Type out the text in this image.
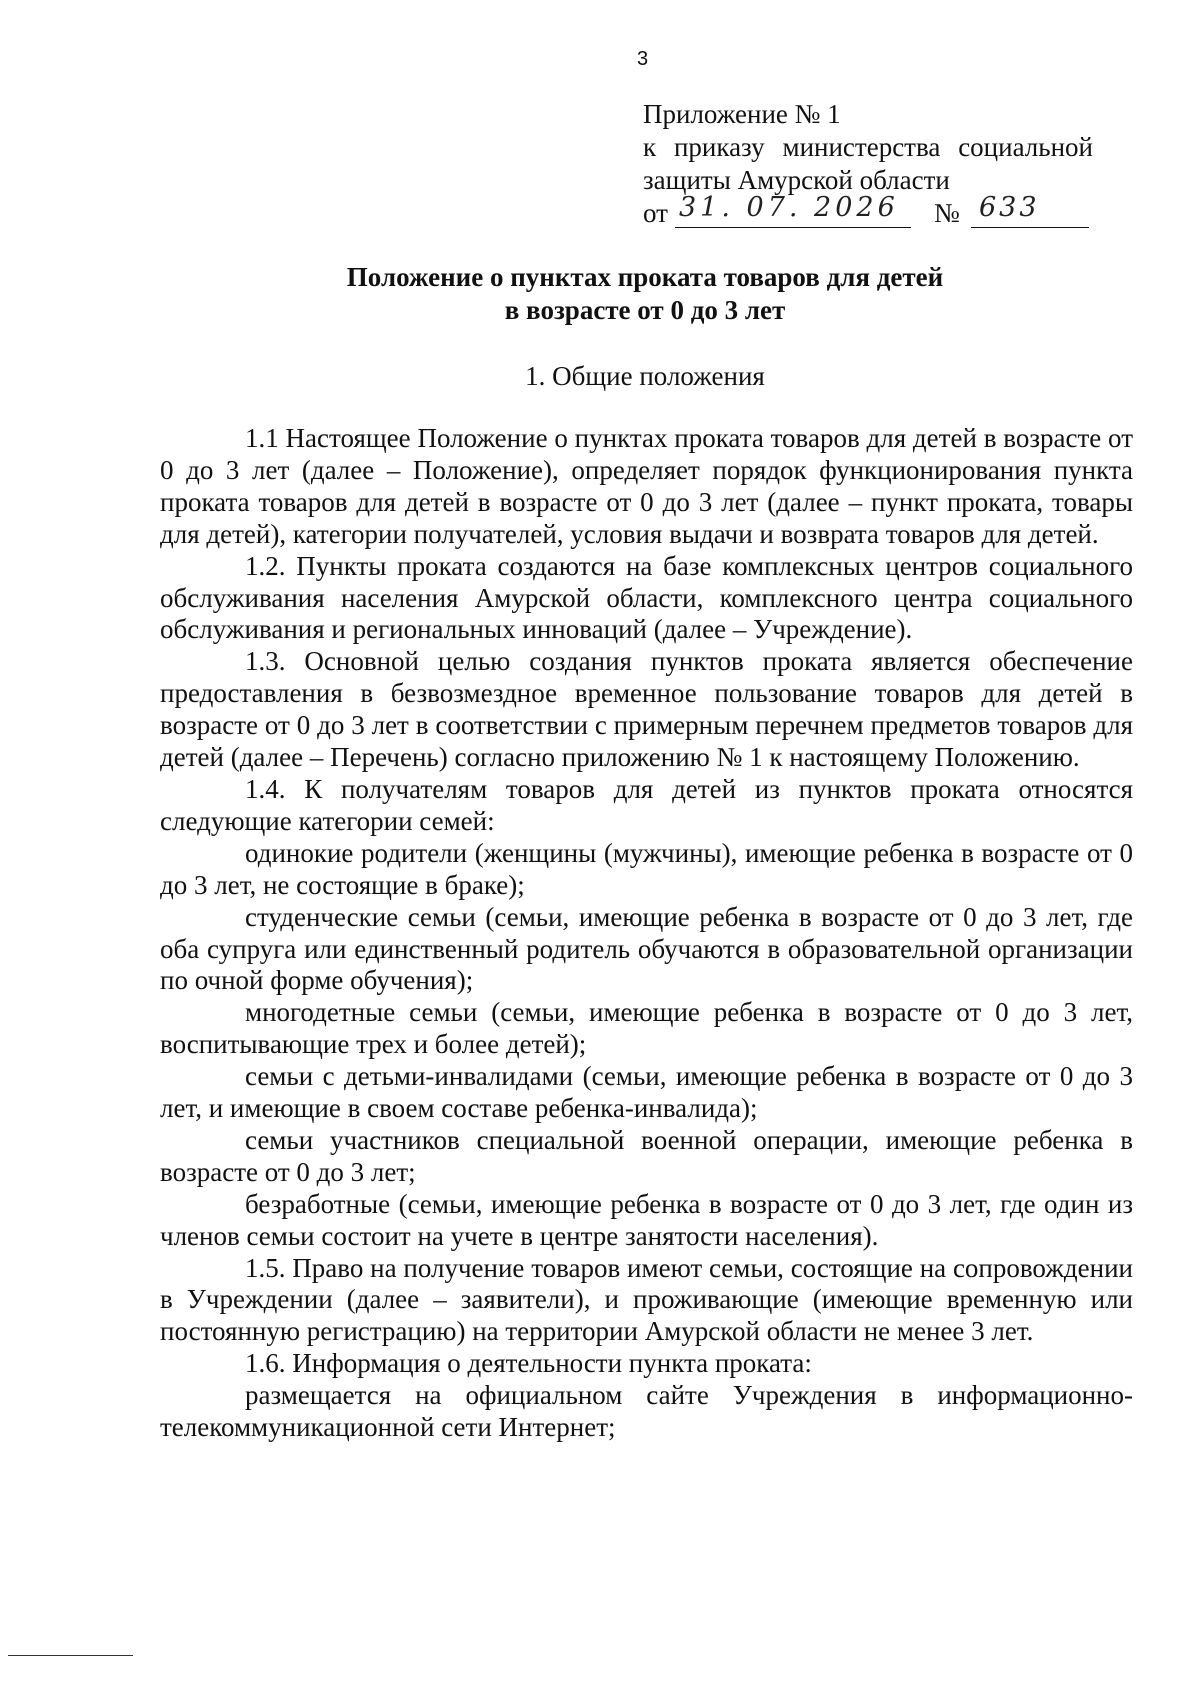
3
Приложение № 1
к приказу министерства социальной
защиты Амурской области
от 31. 07. 2026 № 633
Положение о пунктах проката товаров для детей
в возрасте от 0 до 3 лет
1. Общие положения

1.1 Настоящее Положение о пунктах проката товаров для детей в возрасте от 0 до 3 лет (далее – Положение), определяет порядок функционирования пункта проката товаров для детей в возрасте от 0 до 3 лет (далее – пункт проката, товары для детей), категории получателей, условия выдачи и возврата товаров для детей.

1.2. Пункты проката создаются на базе комплексных центров социального обслуживания населения Амурской области, комплексного центра социального обслуживания и региональных инноваций (далее – Учреждение).

1.3. Основной целью создания пунктов проката является обеспечение предоставления в безвозмездное временное пользование товаров для детей в возрасте от 0 до 3 лет в соответствии с примерным перечнем предметов товаров для детей (далее – Перечень) согласно приложению № 1 к настоящему Положению.

1.4. К получателям товаров для детей из пунктов проката относятся следующие категории семей:

одинокие родители (женщины (мужчины), имеющие ребенка в возрасте от 0 до 3 лет, не состоящие в браке);

студенческие семьи (семьи, имеющие ребенка в возрасте от 0 до 3 лет, где оба супруга или единственный родитель обучаются в образовательной организации по очной форме обучения);

многодетные семьи (семьи, имеющие ребенка в возрасте от 0 до 3 лет, воспитывающие трех и более детей);

семьи с детьми-инвалидами (семьи, имеющие ребенка в возрасте от 0 до 3 лет, и имеющие в своем составе ребенка-инвалида);

семьи участников специальной военной операции, имеющие ребенка в возрасте от 0 до 3 лет;

безработные (семьи, имеющие ребенка в возрасте от 0 до 3 лет, где один из членов семьи состоит на учете в центре занятости населения).

1.5. Право на получение товаров имеют семьи, состоящие на сопровождении в Учреждении (далее – заявители), и проживающие (имеющие временную или постоянную регистрацию) на территории Амурской области не менее 3 лет.

1.6. Информация о деятельности пункта проката:

размещается на официальном сайте Учреждения в информационно-телекоммуникационной сети Интернет;
